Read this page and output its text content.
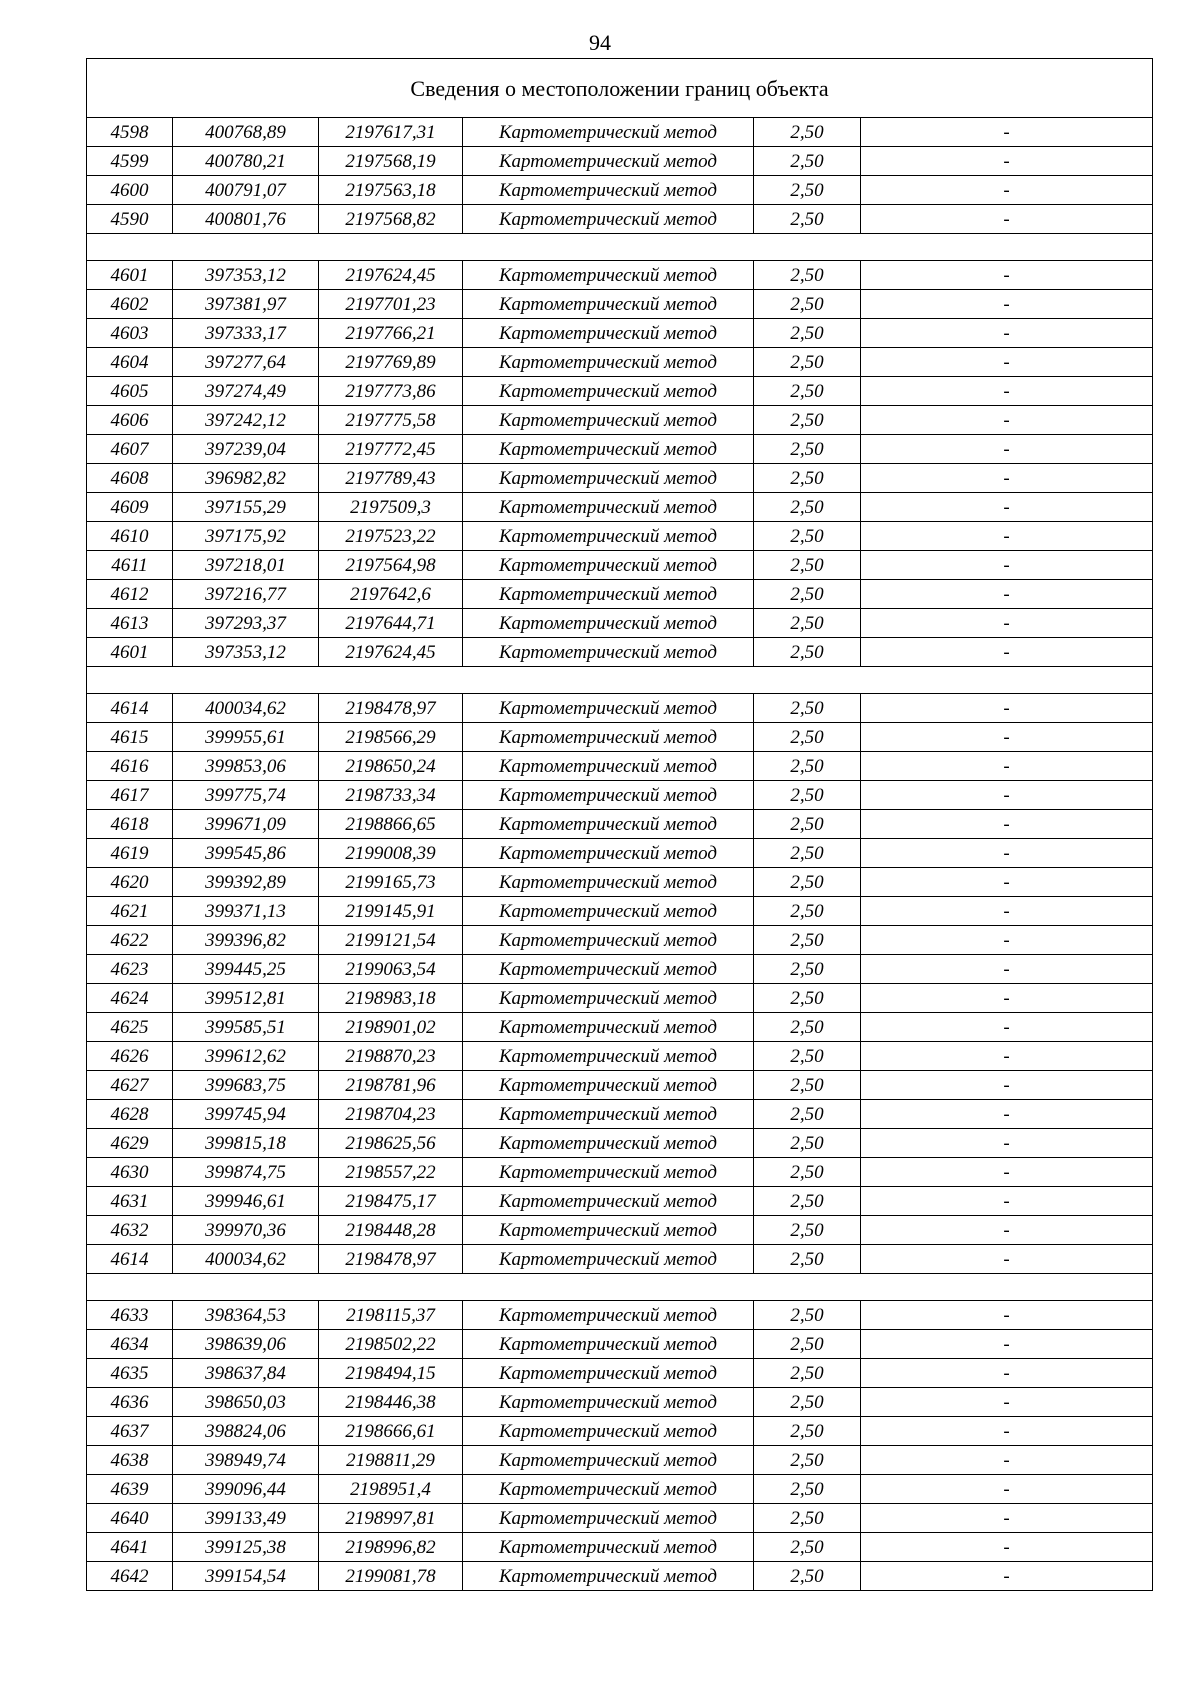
94
Сведения о местоположении границ объекта					
4598	400768,89	2197617,31	Картометрический метод	2,50	-
4599	400780,21	2197568,19	Картометрический метод	2,50	-
4600	400791,07	2197563,18	Картометрический метод	2,50	-
4590	400801,76	2197568,82	Картометрический метод	2,50	-

4601	397353,12	2197624,45	Картометрический метод	2,50	-
4602	397381,97	2197701,23	Картометрический метод	2,50	-
4603	397333,17	2197766,21	Картометрический метод	2,50	-
4604	397277,64	2197769,89	Картометрический метод	2,50	-
4605	397274,49	2197773,86	Картометрический метод	2,50	-
4606	397242,12	2197775,58	Картометрический метод	2,50	-
4607	397239,04	2197772,45	Картометрический метод	2,50	-
4608	396982,82	2197789,43	Картометрический метод	2,50	-
4609	397155,29	2197509,3	Картометрический метод	2,50	-
4610	397175,92	2197523,22	Картометрический метод	2,50	-
4611	397218,01	2197564,98	Картометрический метод	2,50	-
4612	397216,77	2197642,6	Картометрический метод	2,50	-
4613	397293,37	2197644,71	Картометрический метод	2,50	-
4601	397353,12	2197624,45	Картометрический метод	2,50	-

4614	400034,62	2198478,97	Картометрический метод	2,50	-
4615	399955,61	2198566,29	Картометрический метод	2,50	-
4616	399853,06	2198650,24	Картометрический метод	2,50	-
4617	399775,74	2198733,34	Картометрический метод	2,50	-
4618	399671,09	2198866,65	Картометрический метод	2,50	-
4619	399545,86	2199008,39	Картометрический метод	2,50	-
4620	399392,89	2199165,73	Картометрический метод	2,50	-
4621	399371,13	2199145,91	Картометрический метод	2,50	-
4622	399396,82	2199121,54	Картометрический метод	2,50	-
4623	399445,25	2199063,54	Картометрический метод	2,50	-
4624	399512,81	2198983,18	Картометрический метод	2,50	-
4625	399585,51	2198901,02	Картометрический метод	2,50	-
4626	399612,62	2198870,23	Картометрический метод	2,50	-
4627	399683,75	2198781,96	Картометрический метод	2,50	-
4628	399745,94	2198704,23	Картометрический метод	2,50	-
4629	399815,18	2198625,56	Картометрический метод	2,50	-
4630	399874,75	2198557,22	Картометрический метод	2,50	-
4631	399946,61	2198475,17	Картометрический метод	2,50	-
4632	399970,36	2198448,28	Картометрический метод	2,50	-
4614	400034,62	2198478,97	Картометрический метод	2,50	-

4633	398364,53	2198115,37	Картометрический метод	2,50	-
4634	398639,06	2198502,22	Картометрический метод	2,50	-
4635	398637,84	2198494,15	Картометрический метод	2,50	-
4636	398650,03	2198446,38	Картометрический метод	2,50	-
4637	398824,06	2198666,61	Картометрический метод	2,50	-
4638	398949,74	2198811,29	Картометрический метод	2,50	-
4639	399096,44	2198951,4	Картометрический метод	2,50	-
4640	399133,49	2198997,81	Картометрический метод	2,50	-
4641	399125,38	2198996,82	Картометрический метод	2,50	-
4642	399154,54	2199081,78	Картометрический метод	2,50	-
